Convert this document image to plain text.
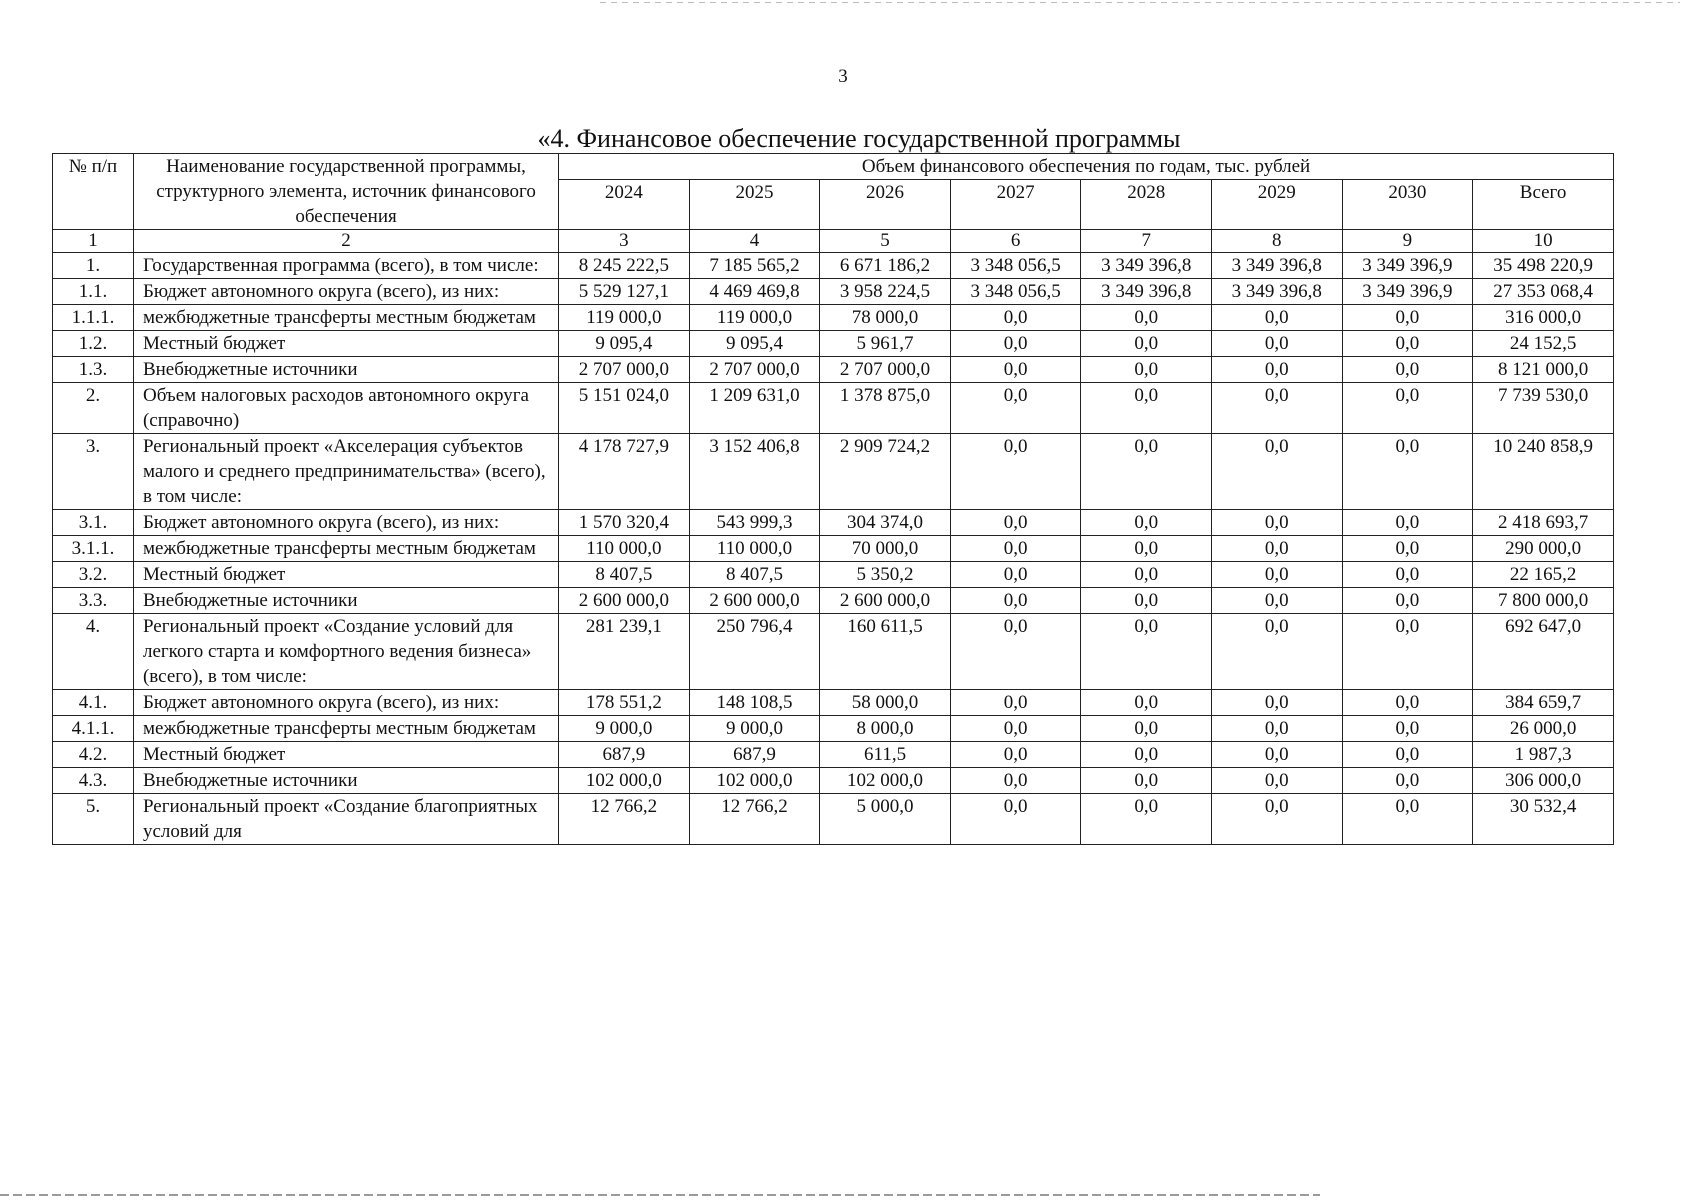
3
«4. Финансовое обеспечение государственной программы
№ п/п	Наименование государственной программы, структурного элемента, источник финансового обеспечения	Объем финансового обеспечения по годам, тыс. рублей							
		2024	2025	2026	2027	2028	2029	2030	Всего
1	2	3	4	5	6	7	8	9	10
1.	Государственная программа (всего), в том числе:	8 245 222,5	7 185 565,2	6 671 186,2	3 348 056,5	3 349 396,8	3 349 396,8	3 349 396,9	35 498 220,9
1.1.	Бюджет автономного округа (всего), из них:	5 529 127,1	4 469 469,8	3 958 224,5	3 348 056,5	3 349 396,8	3 349 396,8	3 349 396,9	27 353 068,4
1.1.1.	межбюджетные трансферты местным бюджетам	119 000,0	119 000,0	78 000,0	0,0	0,0	0,0	0,0	316 000,0
1.2.	Местный бюджет	9 095,4	9 095,4	5 961,7	0,0	0,0	0,0	0,0	24 152,5
1.3.	Внебюджетные источники	2 707 000,0	2 707 000,0	2 707 000,0	0,0	0,0	0,0	0,0	8 121 000,0
2.	Объем налоговых расходов автономного округа (справочно)	5 151 024,0	1 209 631,0	1 378 875,0	0,0	0,0	0,0	0,0	7 739 530,0
3.	Региональный проект «Акселерация субъектов малого и среднего предпринимательства» (всего), в том числе:	4 178 727,9	3 152 406,8	2 909 724,2	0,0	0,0	0,0	0,0	10 240 858,9
3.1.	Бюджет автономного округа (всего), из них:	1 570 320,4	543 999,3	304 374,0	0,0	0,0	0,0	0,0	2 418 693,7
3.1.1.	межбюджетные трансферты местным бюджетам	110 000,0	110 000,0	70 000,0	0,0	0,0	0,0	0,0	290 000,0
3.2.	Местный бюджет	8 407,5	8 407,5	5 350,2	0,0	0,0	0,0	0,0	22 165,2
3.3.	Внебюджетные источники	2 600 000,0	2 600 000,0	2 600 000,0	0,0	0,0	0,0	0,0	7 800 000,0
4.	Региональный проект «Создание условий для легкого старта и комфортного ведения бизнеса» (всего), в том числе:	281 239,1	250 796,4	160 611,5	0,0	0,0	0,0	0,0	692 647,0
4.1.	Бюджет автономного округа (всего), из них:	178 551,2	148 108,5	58 000,0	0,0	0,0	0,0	0,0	384 659,7
4.1.1.	межбюджетные трансферты местным бюджетам	9 000,0	9 000,0	8 000,0	0,0	0,0	0,0	0,0	26 000,0
4.2.	Местный бюджет	687,9	687,9	611,5	0,0	0,0	0,0	0,0	1 987,3
4.3.	Внебюджетные источники	102 000,0	102 000,0	102 000,0	0,0	0,0	0,0	0,0	306 000,0
5.	Региональный проект «Создание благоприятных условий для	12 766,2	12 766,2	5 000,0	0,0	0,0	0,0	0,0	30 532,4
